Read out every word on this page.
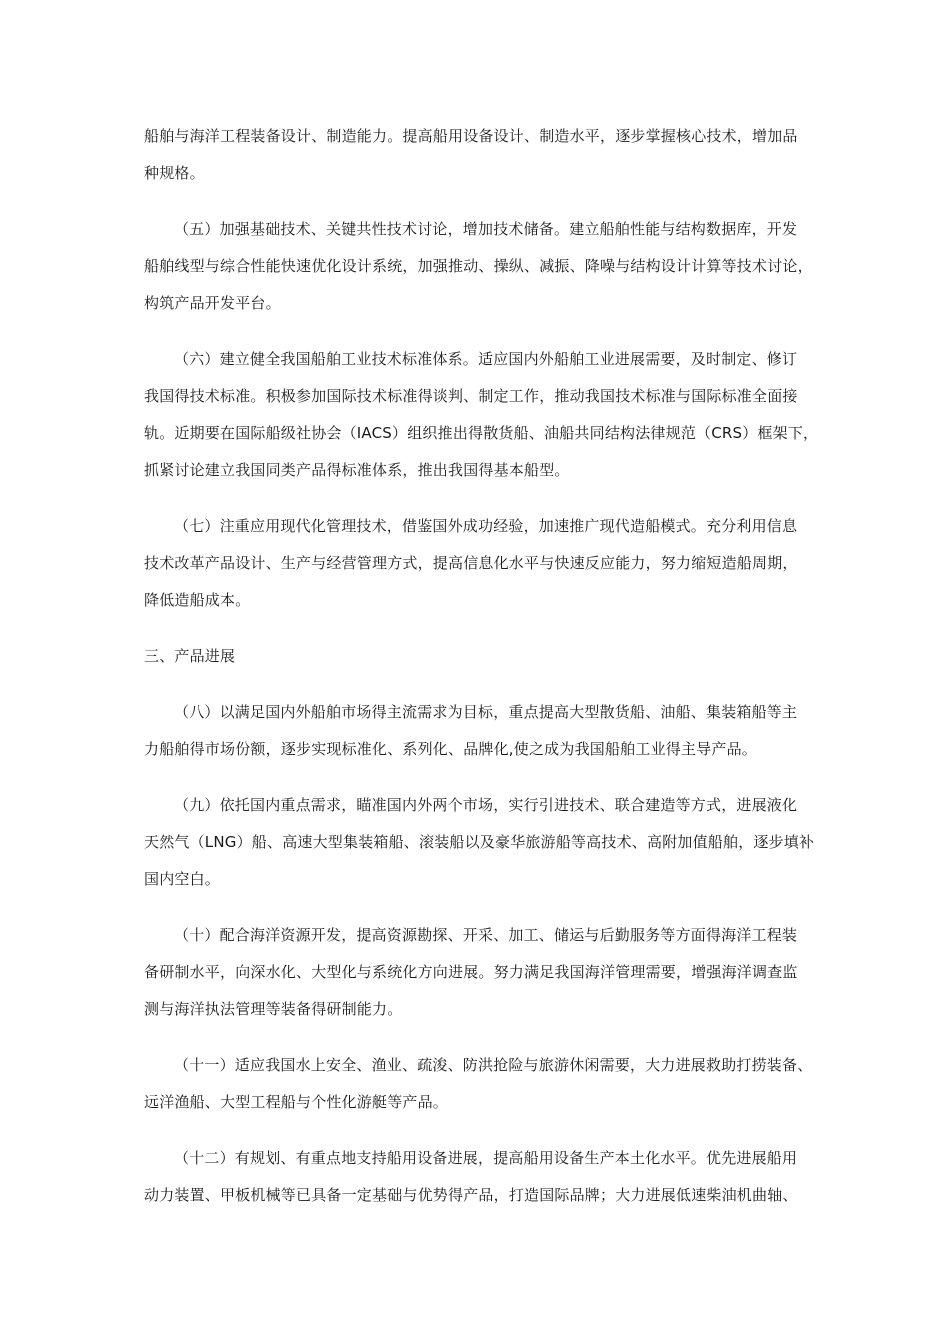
船舶与海洋工程装备设计、制造能力。提高船用设备设计、制造水平，逐步掌握核心技术，增加品
种规格。
（五）加强基础技术、关键共性技术讨论，增加技术储备。建立船舶性能与结构数据库，开发
船舶线型与综合性能快速优化设计系统，加强推动、操纵、减振、降噪与结构设计计算等技术讨论，
构筑产品开发平台。
（六）建立健全我国船舶工业技术标准体系。适应国内外船舶工业进展需要，及时制定、修订
我国得技术标准。积极参加国际技术标准得谈判、制定工作，推动我国技术标准与国际标准全面接
轨。近期要在国际船级社协会（IACS）组织推出得散货船、油船共同结构法律规范（CRS）框架下，
抓紧讨论建立我国同类产品得标准体系，推出我国得基本船型。
（七）注重应用现代化管理技术，借鉴国外成功经验，加速推广现代造船模式。充分利用信息
技术改革产品设计、生产与经营管理方式，提高信息化水平与快速反应能力，努力缩短造船周期，
降低造船成本。
三、产品进展
（八）以满足国内外船舶市场得主流需求为目标，重点提高大型散货船、油船、集装箱船等主
力船舶得市场份额，逐步实现标准化、系列化、品牌化,使之成为我国船舶工业得主导产品。
（九）依托国内重点需求，瞄准国内外两个市场，实行引进技术、联合建造等方式，进展液化
天然气（LNG）船、高速大型集装箱船、滚装船以及豪华旅游船等高技术、高附加值船舶，逐步填补
国内空白。
（十）配合海洋资源开发，提高资源勘探、开采、加工、储运与后勤服务等方面得海洋工程装
备研制水平，向深水化、大型化与系统化方向进展。努力满足我国海洋管理需要，增强海洋调查监
测与海洋执法管理等装备得研制能力。
（十一）适应我国水上安全、渔业、疏浚、防洪抢险与旅游休闲需要，大力进展救助打捞装备、
远洋渔船、大型工程船与个性化游艇等产品。
（十二）有规划、有重点地支持船用设备进展，提高船用设备生产本土化水平。优先进展船用
动力装置、甲板机械等已具备一定基础与优势得产品，打造国际品牌；大力进展低速柴油机曲轴、
